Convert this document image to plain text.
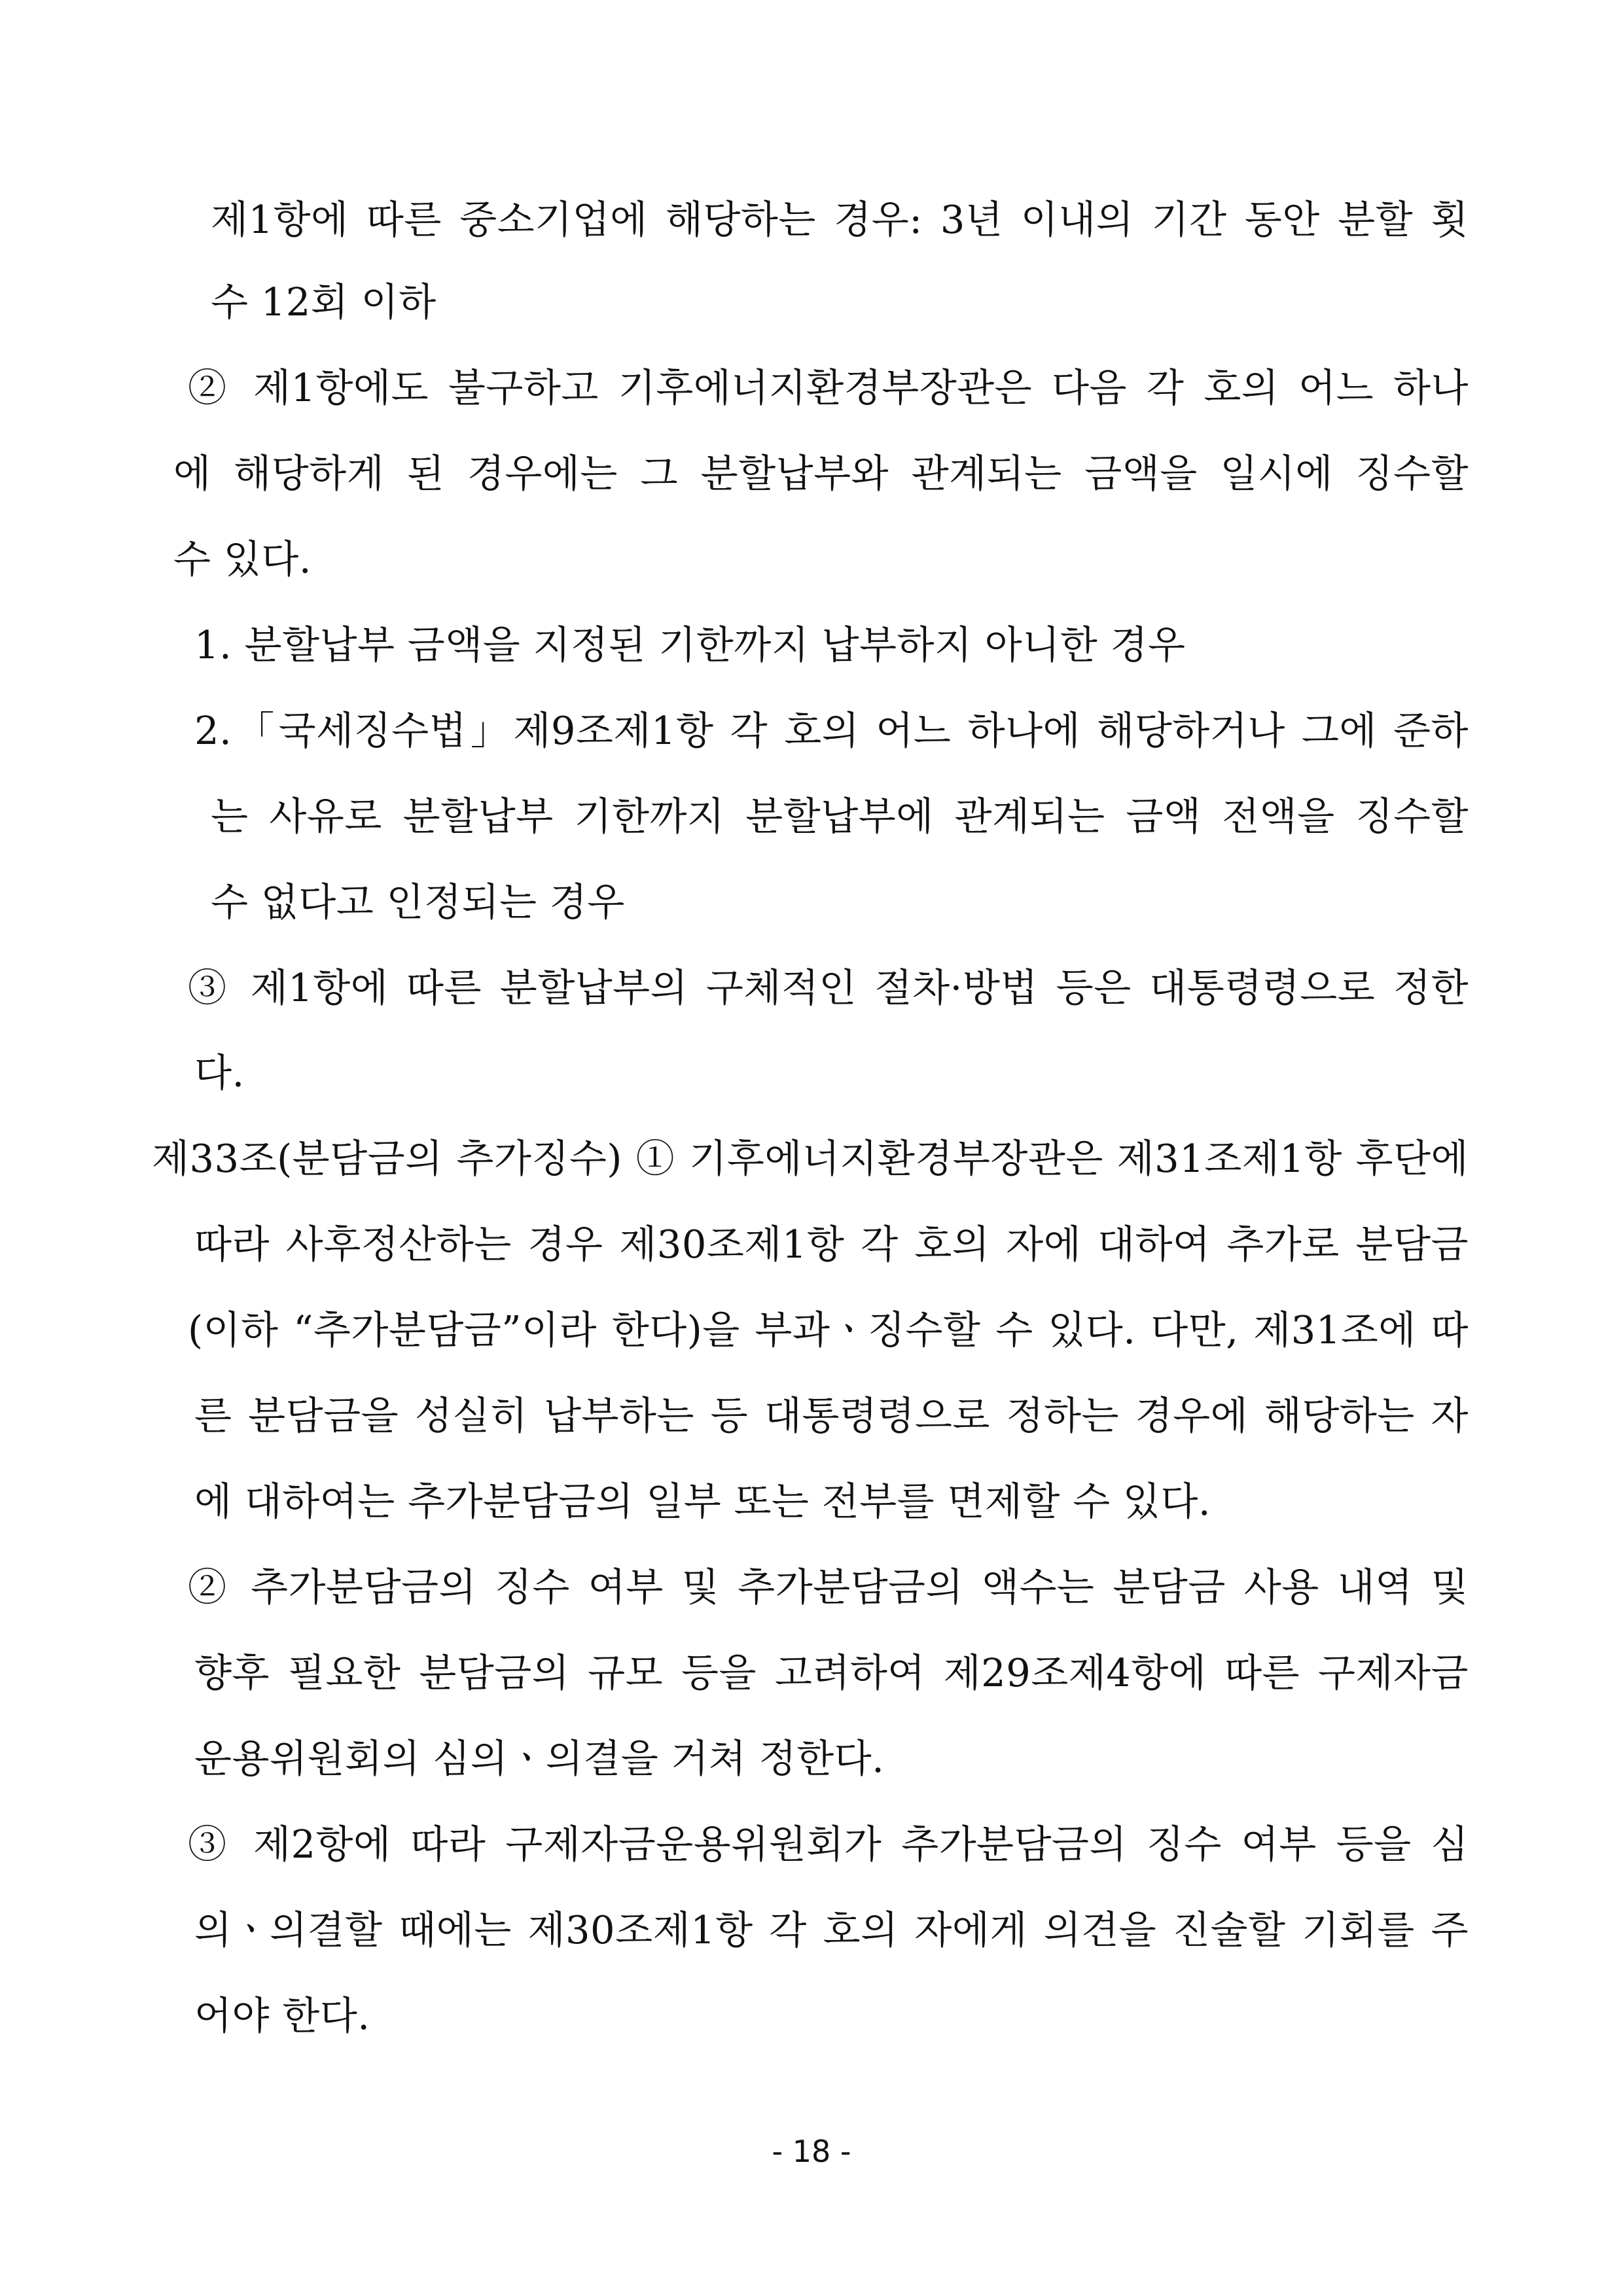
제1항에 따른 중소기업에 해당하는 경우: 3년 이내의 기간 동안 분할 횟
수 12회 이하
② 제1항에도 불구하고 기후에너지환경부장관은 다음 각 호의 어느 하나
에 해당하게 된 경우에는 그 분할납부와 관계되는 금액을 일시에 징수할
수 있다.
1. 분할납부 금액을 지정된 기한까지 납부하지 아니한 경우
2.「국세징수법」제9조제1항 각 호의 어느 하나에 해당하거나 그에 준하
는 사유로 분할납부 기한까지 분할납부에 관계되는 금액 전액을 징수할
수 없다고 인정되는 경우
③ 제1항에 따른 분할납부의 구체적인 절차·방법 등은 대통령령으로 정한
다.
제33조(분담금의 추가징수) ① 기후에너지환경부장관은 제31조제1항 후단에
따라 사후정산하는 경우 제30조제1항 각 호의 자에 대하여 추가로 분담금
(이하 “추가분담금”이라 한다)을 부과ㆍ징수할 수 있다. 다만, 제31조에 따
른 분담금을 성실히 납부하는 등 대통령령으로 정하는 경우에 해당하는 자
에 대하여는 추가분담금의 일부 또는 전부를 면제할 수 있다.
② 추가분담금의 징수 여부 및 추가분담금의 액수는 분담금 사용 내역 및
향후 필요한 분담금의 규모 등을 고려하여 제29조제4항에 따른 구제자금
운용위원회의 심의ㆍ의결을 거쳐 정한다.
③ 제2항에 따라 구제자금운용위원회가 추가분담금의 징수 여부 등을 심
의ㆍ의결할 때에는 제30조제1항 각 호의 자에게 의견을 진술할 기회를 주
어야 한다.
- 18 -
